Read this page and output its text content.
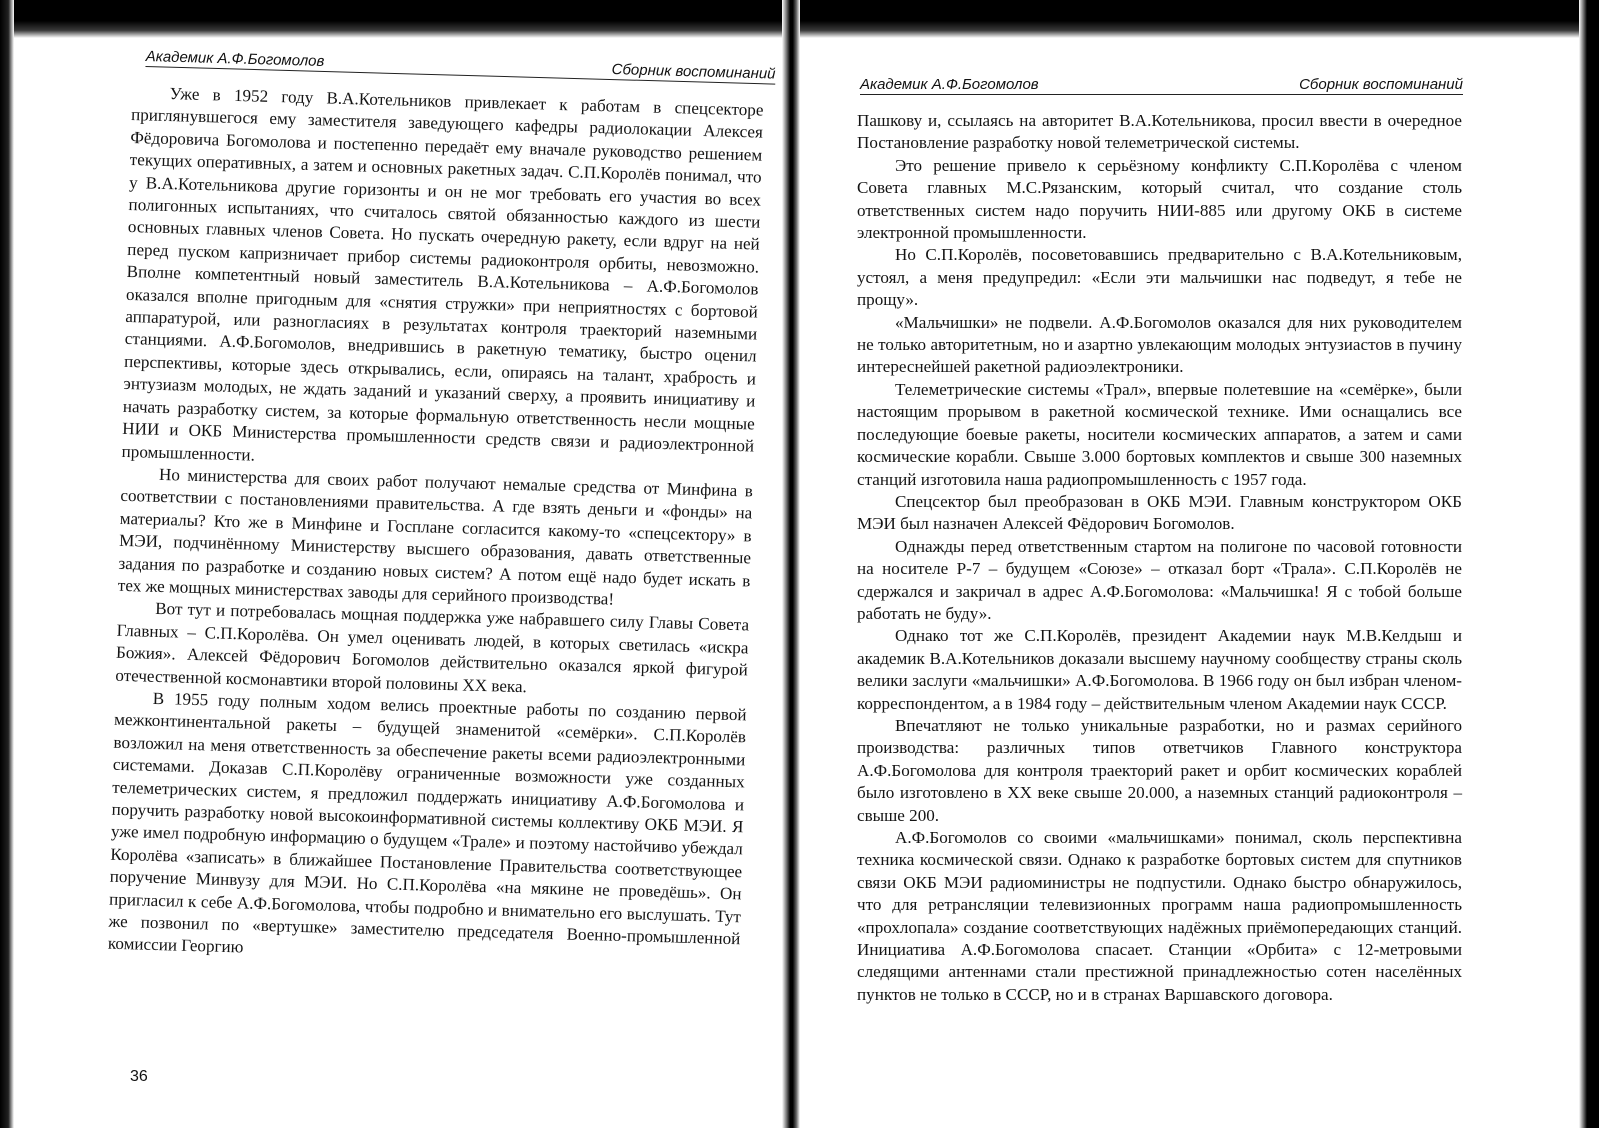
Академик А.Ф.Богомолов
Сборник воспоминаний

Уже в 1952 году В.А.Котельников привлекает к работам в спецсекторе приглянувшегося ему заместителя заведующего кафедры радиолокации Алексея Фёдоровича Богомолова и постепенно передаёт ему вначале руководство решением текущих оперативных, а затем и основных ракетных задач. С.П.Королёв понимал, что у В.А.Котельникова другие горизонты и он не мог требовать его участия во всех полигонных испытаниях, что считалось святой обязанностью каждого из шести основных главных членов Совета. Но пускать очередную ракету, если вдруг на ней перед пуском капризничает прибор системы радиоконтроля орбиты, невозможно. Вполне компетентный новый заместитель В.А.Котельникова – А.Ф.Богомолов оказался вполне пригодным для «снятия стружки» при неприятностях с бортовой аппаратурой, или разногласиях в результатах контроля траекторий наземными станциями. А.Ф.Богомолов, внедрившись в ракетную тематику, быстро оценил перспективы, которые здесь открывались, если, опираясь на талант, храбрость и энтузиазм молодых, не ждать заданий и указаний сверху, а проявить инициативу и начать разработку систем, за которые формальную ответственность несли мощные НИИ и ОКБ Министерства промышленности средств связи и радиоэлектронной промышленности.

Но министерства для своих работ получают немалые средства от Минфина в соответствии с постановлениями правительства. А где взять деньги и «фонды» на материалы? Кто же в Минфине и Госплане согласится какому-то «спецсектору» в МЭИ, подчинённому Министерству высшего образования, давать ответственные задания по разработке и созданию новых систем? А потом ещё надо будет искать в тех же мощных министерствах заводы для серийного производства!

Вот тут и потребовалась мощная поддержка уже набравшего силу Главы Совета Главных – С.П.Королёва. Он умел оценивать людей, в которых светилась «искра Божия». Алексей Фёдорович Богомолов действительно оказался яркой фигурой отечественной космонавтики второй половины XX века.

В 1955 году полным ходом велись проектные работы по созданию первой межконтинентальной ракеты – будущей знаменитой «семёрки». С.П.Королёв возложил на меня ответственность за обеспечение ракеты всеми радиоэлектронными системами. Доказав С.П.Королёву ограниченные возможности уже созданных телеметрических систем, я предложил поддержать инициативу А.Ф.Богомолова и поручить разработку новой высокоинформативной системы коллективу ОКБ МЭИ. Я уже имел подробную информацию о будущем «Трале» и поэтому настойчиво убеждал Королёва «записать» в ближайшее Постановление Правительства соответствующее поручение Минвузу для МЭИ. Но С.П.Королёва «на мякине не проведёшь». Он пригласил к себе А.Ф.Богомолова, чтобы подробно и внимательно его выслушать. Тут же позвонил по «вертушке» заместителю председателя Военно-промышленной комиссии Георгию

36
Академик А.Ф.Богомолов	Сборник воспоминаний

Пашкову и, ссылаясь на авторитет В.А.Котельникова, просил ввести в очередное Постановление разработку новой телеметрической системы.

Это решение привело к серьёзному конфликту С.П.Королёва с членом Совета главных М.С.Рязанским, который считал, что создание столь ответственных систем надо поручить НИИ-885 или другому ОКБ в системе электронной промышленности.

Но С.П.Королёв, посоветовавшись предварительно с В.А.Котельниковым, устоял, а меня предупредил: «Если эти мальчишки нас подведут, я тебе не прощу».

«Мальчишки» не подвели. А.Ф.Богомолов оказался для них руководителем не только авторитетным, но и азартно увлекающим молодых энтузиастов в пучину интереснейшей ракетной радиоэлектроники.

Телеметрические системы «Трал», впервые полетевшие на «семёрке», были настоящим прорывом в ракетной космической технике. Ими оснащались все последующие боевые ракеты, носители космических аппаратов, а затем и сами космические корабли. Свыше 3.000 бортовых комплектов и свыше 300 наземных станций изготовила наша радиопромышленность с 1957 года.

Спецсектор был преобразован в ОКБ МЭИ. Главным конструктором ОКБ МЭИ был назначен Алексей Фёдорович Богомолов.

Однажды перед ответственным стартом на полигоне по часовой готовности на носителе Р-7 – будущем «Союзе» – отказал борт «Трала». С.П.Королёв не сдержался и закричал в адрес А.Ф.Богомолова: «Мальчишка! Я с тобой больше работать не буду».

Однако тот же С.П.Королёв, президент Академии наук М.В.Келдыш и академик В.А.Котельников доказали высшему научному сообществу страны сколь велики заслуги «мальчишки» А.Ф.Богомолова. В 1966 году он был избран членом-корреспондентом, а в 1984 году – действительным членом Академии наук СССР.

Впечатляют не только уникальные разработки, но и размах серийного производства: различных типов ответчиков Главного конструктора А.Ф.Богомолова для контроля траекторий ракет и орбит космических кораблей было изготовлено в XX веке свыше 20.000, а наземных станций радиоконтроля – свыше 200.

А.Ф.Богомолов со своими «мальчишками» понимал, сколь перспективна техника космической связи. Однако к разработке бортовых систем для спутников связи ОКБ МЭИ радиоминистры не подпустили. Однако быстро обнаружилось, что для ретрансляции телевизионных программ наша радиопромышленность «прохлопала» создание соответствующих надёжных приёмопередающих станций. Инициатива А.Ф.Богомолова спасает. Станции «Орбита» с 12-метровыми следящими антеннами стали престижной принадлежностью сотен населённых пунктов не только в СССР, но и в странах Варшавского договора.
